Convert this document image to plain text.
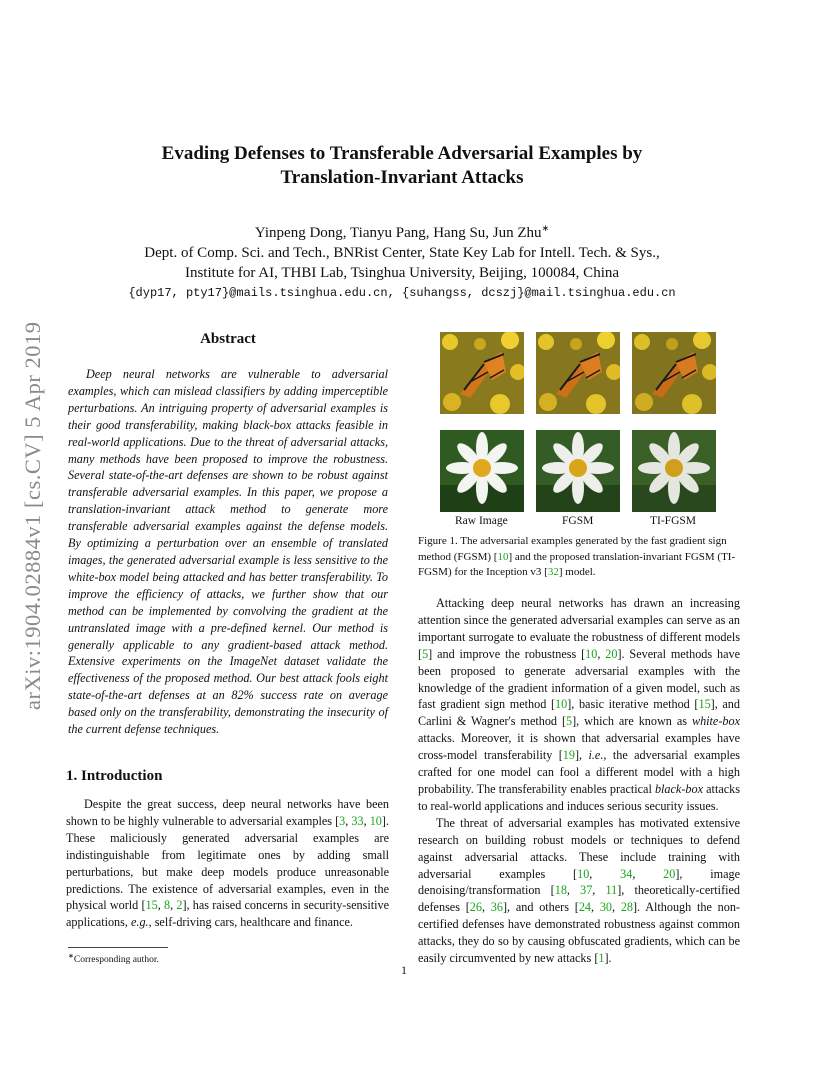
arXiv:1904.02884v1 [cs.CV] 5 Apr 2019
Evading Defenses to Transferable Adversarial Examples by
Translation-Invariant Attacks
Yinpeng Dong, Tianyu Pang, Hang Su, Jun Zhu∗
Dept. of Comp. Sci. and Tech., BNRist Center, State Key Lab for Intell. Tech. & Sys.,
Institute for AI, THBI Lab, Tsinghua University, Beijing, 100084, China
{dyp17, pty17}@mails.tsinghua.edu.cn, {suhangss, dcszj}@mail.tsinghua.edu.cn
Abstract

Deep neural networks are vulnerable to adversarial examples, which can mislead classifiers by adding imperceptible perturbations. An intriguing property of adversarial examples is their good transferability, making black-box attacks feasible in real-world applications. Due to the threat of adversarial attacks, many methods have been proposed to improve the robustness. Several state-of-the-art defenses are shown to be robust against transferable adversarial examples. In this paper, we propose a translation-invariant attack method to generate more transferable adversarial examples against the defense models. By optimizing a perturbation over an ensemble of translated images, the generated adversarial example is less sensitive to the white-box model being attacked and has better transferability. To improve the efficiency of attacks, we further show that our method can be implemented by convolving the gradient at the untranslated image with a pre-defined kernel. Our method is generally applicable to any gradient-based attack method. Extensive experiments on the ImageNet dataset validate the effectiveness of the proposed method. Our best attack fools eight state-of-the-art defenses at an 82% success rate on average based only on the transferability, demonstrating the insecurity of the current defense techniques.

1. Introduction

Despite the great success, deep neural networks have been shown to be highly vulnerable to adversarial examples [3, 33, 10]. These maliciously generated adversarial examples are indistinguishable from legitimate ones by adding small perturbations, but make deep models produce unreasonable predictions. The existence of adversarial examples, even in the physical world [15, 8, 2], has raised concerns in security-sensitive applications, e.g., self-driving cars, healthcare and finance.

∗Corresponding author.
Raw Image	FGSM	TI-FGSM
Figure 1. The adversarial examples generated by the fast gradient sign method (FGSM) [10] and the proposed translation-invariant FGSM (TI-FGSM) for the Inception v3 [32] model.

Attacking deep neural networks has drawn an increasing attention since the generated adversarial examples can serve as an important surrogate to evaluate the robustness of different models [5] and improve the robustness [10, 20]. Several methods have been proposed to generate adversarial examples with the knowledge of the gradient information of a given model, such as fast gradient sign method [10], basic iterative method [15], and Carlini & Wagner's method [5], which are known as white-box attacks. Moreover, it is shown that adversarial examples have cross-model transferability [19], i.e., the adversarial examples crafted for one model can fool a different model with a high probability. The transferability enables practical black-box attacks to real-world applications and induces serious security issues.

The threat of adversarial examples has motivated extensive research on building robust models or techniques to defend against adversarial attacks. These include training with adversarial examples [10, 34, 20], image denoising/transformation [18, 37, 11], theoretically-certified defenses [26, 36], and others [24, 30, 28]. Although the non-certified defenses have demonstrated robustness against common attacks, they do so by causing obfuscated gradients, which can be easily circumvented by new attacks [1].

1
